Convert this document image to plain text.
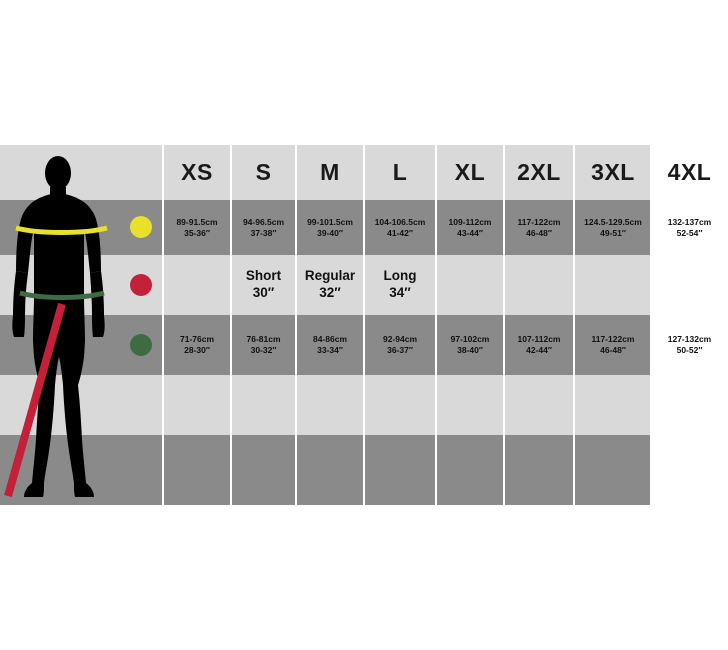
XS
89-91.5cm
35-36″
71-76cm
28-30″
S
94-96.5cm
37-38″
Short
30″
76-81cm
30-32″
M
99-101.5cm
39-40″
Regular
32″
84-86cm
33-34″
L
104-106.5cm
41-42″
Long
34″
92-94cm
36-37″
XL
109-112cm
43-44″
97-102cm
38-40″
2XL
117-122cm
46-48″
107-112cm
42-44″
3XL
124.5-129.5cm
49-51″
117-122cm
46-48″
4XL
132-137cm
52-54″
127-132cm
50-52″
